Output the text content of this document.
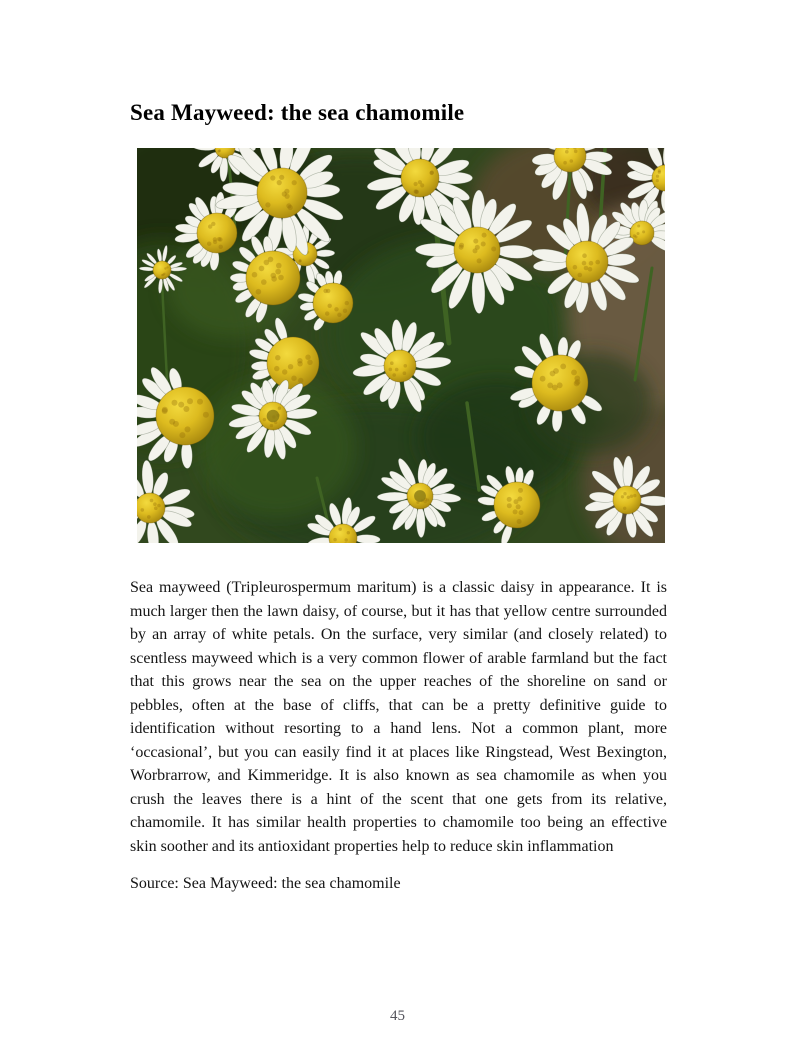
Sea Mayweed: the sea chamomile

Sea mayweed (Tripleurospermum maritum) is a classic daisy in appearance. It is much larger then the lawn daisy, of course, but it has that yellow centre surrounded by an array of white petals. On the surface, very similar (and closely related) to scentless mayweed which is a very common flower of arable farmland but the fact that this grows near the sea on the upper reaches of the shoreline on sand or pebbles, often at the base of cliffs, that can be a pretty definitive guide to identification without resorting to a hand lens. Not a common plant, more ‘occasional’, but you can easily find it at places like Ringstead, West Bexington, Worbrarrow, and Kimmeridge. It is also known as sea chamomile as when you crush the leaves there is a hint of the scent that one gets from its relative, chamomile. It has similar health properties to chamomile too being an effective skin soother and its antioxidant properties help to reduce skin inflammation

Source: Sea Mayweed: the sea chamomile

45
